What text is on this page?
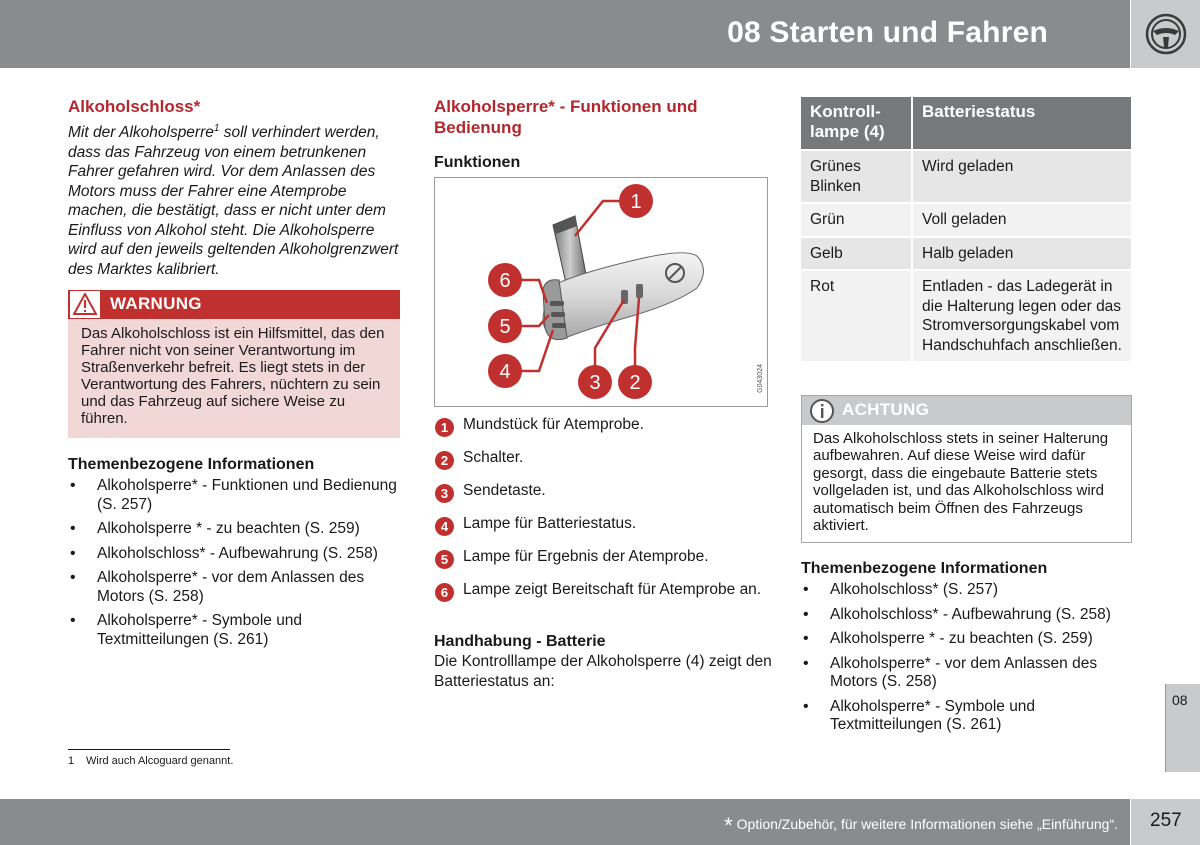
08 Starten und Fahren
Alkoholschloss*
Mit der Alkoholsperre$^1$ soll verhindert werden, dass das Fahrzeug von einem betrunkenen Fahrer gefahren wird. Vor dem Anlassen des Motors muss der Fahrer eine Atemprobe machen, die bestätigt, dass er nicht unter dem Einfluss von Alkohol steht. Die Alkoholsperre wird auf den jeweils geltenden Alkoholgrenzwert des Marktes kalibriert.
WARNUNG
Das Alkoholschloss ist ein Hilfsmittel, das den Fahrer nicht von seiner Verantwortung im Straßenverkehr befreit. Es liegt stets in der Verantwortung des Fahrers, nüchtern zu sein und das Fahrzeug auf sichere Weise zu führen.
Themenbezogene Informationen
• Alkoholsperre* - Funktionen und Bedienung (S. 257)
• Alkoholsperre * - zu beachten (S. 259)
• Alkoholschloss* - Aufbewahrung (S. 258)
• Alkoholsperre* - vor dem Anlassen des Motors (S. 258)
• Alkoholsperre* - Symbole und Textmitteilungen (S. 261)
1 Wird auch Alcoguard genannt.
Alkoholsperre* - Funktionen und Bedienung
Funktionen
1
2
3
4
5
6
G043024
1 Mundstück für Atemprobe.
2 Schalter.
3 Sendetaste.
4 Lampe für Batteriestatus.
5 Lampe für Ergebnis der Atemprobe.
6 Lampe zeigt Bereitschaft für Atemprobe an.
Handhabung - Batterie
Die Kontrolllampe der Alkoholsperre (4) zeigt den Batteriestatus an:
Kontroll-lampe (4)	Batteriestatus
Grünes Blinken	Wird geladen
Grün	Voll geladen
Gelb	Halb geladen
Rot	Entladen - das Ladegerät in die Halterung legen oder das Stromversorgungskabel vom Handschuhfach anschließen.
ACHTUNG
Das Alkoholschloss stets in seiner Halterung aufbewahren. Auf diese Weise wird dafür gesorgt, dass die eingebaute Batterie stets vollgeladen ist, und das Alkoholschloss wird automatisch beim Öffnen des Fahrzeugs aktiviert.
Themenbezogene Informationen
• Alkoholschloss* (S. 257)
• Alkoholschloss* - Aufbewahrung (S. 258)
• Alkoholsperre * - zu beachten (S. 259)
• Alkoholsperre* - vor dem Anlassen des Motors (S. 258)
• Alkoholsperre* - Symbole und Textmitteilungen (S. 261)
08
* Option/Zubehör, für weitere Informationen siehe „Einführung“. 257
